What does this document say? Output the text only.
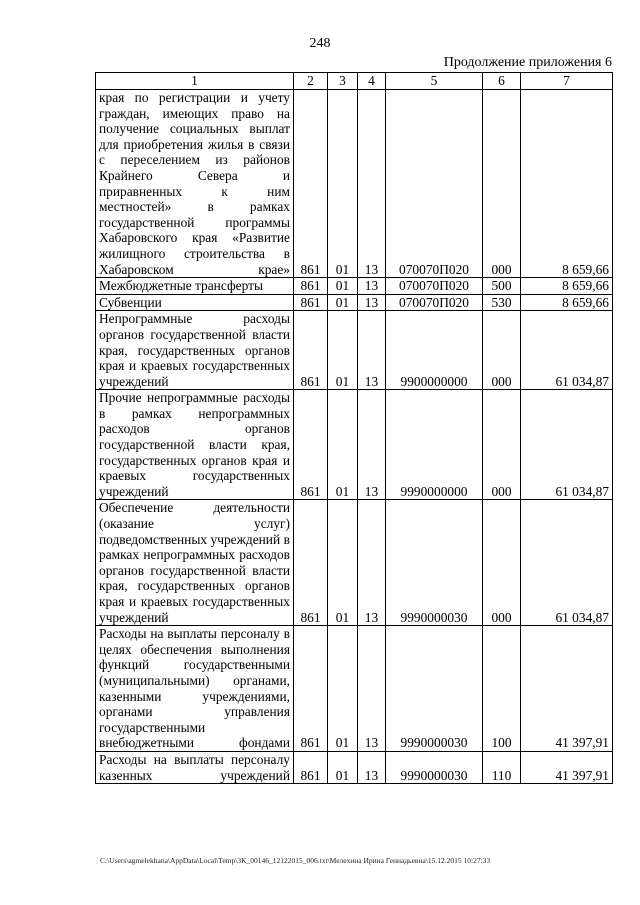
248
Продолжение приложения 6
1	2	3	4	5	6	7
края по регистрации и учету граждан, имеющих право на получение социальных выплат для приобретения жилья в связи с переселением из районов Крайнего Севера и приравненных к ним местностей» в рамках государственной программы Хабаровского края «Развитие жилищного строительства в Хабаровском крае»	861	01	13	070070П020	000	8 659,66
Межбюджетные трансферты	861	01	13	070070П020	500	8 659,66
Субвенции	861	01	13	070070П020	530	8 659,66
Непрограммные расходы органов государственной власти края, государственных органов края и краевых государственных учреждений	861	01	13	9900000000	000	61 034,87
Прочие непрограммные расходы в рамках непрограммных расходов органов государственной власти края, государственных органов края и краевых государственных учреждений	861	01	13	9990000000	000	61 034,87
Обеспечение деятельности (оказание услуг) подведомственных учреждений в рамках непрограммных расходов органов государственной власти края, государственных органов края и краевых государственных учреждений	861	01	13	9990000030	000	61 034,87
Расходы на выплаты персоналу в целях обеспечения выполнения функций государственными (муниципальными) органами, казенными учреждениями, органами управления государственными внебюджетными фондами	861	01	13	9990000030	100	41 397,91
Расходы на выплаты персоналу казенных учреждений	861	01	13	9990000030	110	41 397,91
C:\Users\agmelekhana\AppData\Local\Temp\3K_00146_12122015_006.txt\Мелехина Ирина Геннадьевна\15.12.2015 10:27:33
